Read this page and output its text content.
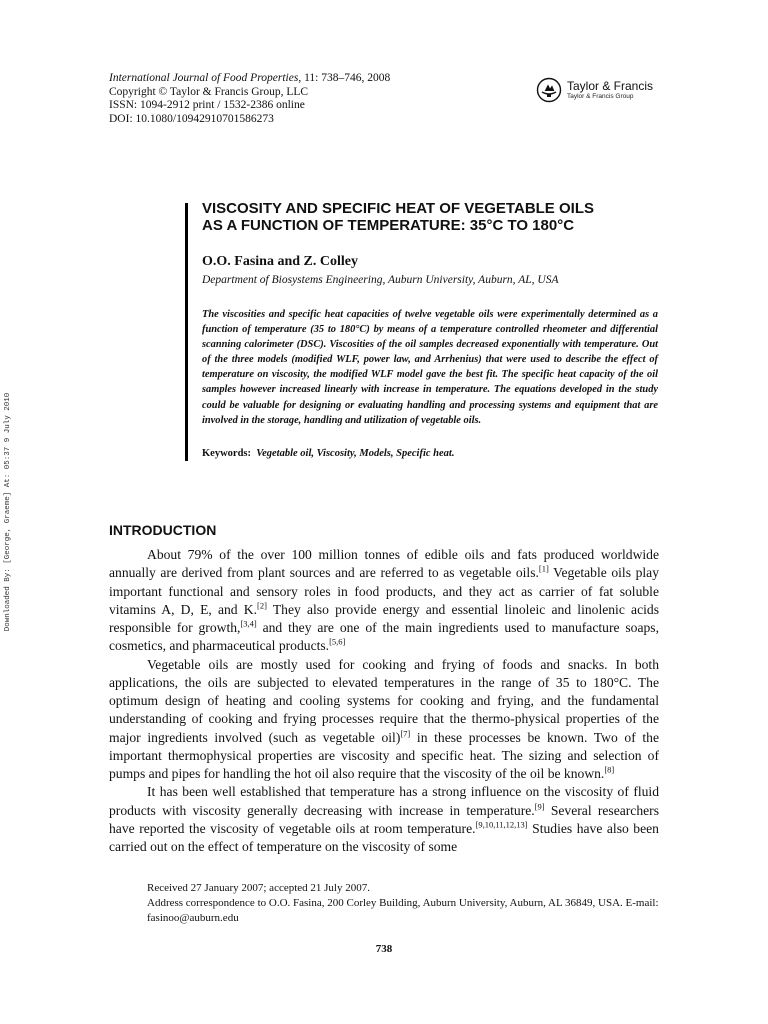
International Journal of Food Properties, 11: 738–746, 2008
Copyright © Taylor & Francis Group, LLC
ISSN: 1094-2912 print / 1532-2386 online
DOI: 10.1080/10942910701586273
Taylor & Francis
Taylor & Francis Group
Downloaded By: [George, Graeme] At: 05:37 9 July 2010
VISCOSITY AND SPECIFIC HEAT OF VEGETABLE OILS
AS A FUNCTION OF TEMPERATURE: 35°C TO 180°C
O.O. Fasina and Z. Colley
Department of Biosystems Engineering, Auburn University, Auburn, AL, USA
The viscosities and specific heat capacities of twelve vegetable oils were experimentally determined as a function of temperature (35 to 180°C) by means of a temperature controlled rheometer and differential scanning calorimeter (DSC). Viscosities of the oil samples decreased exponentially with temperature. Out of the three models (modified WLF, power law, and Arrhenius) that were used to describe the effect of temperature on viscosity, the modified WLF model gave the best fit. The specific heat capacity of the oil samples however increased linearly with increase in temperature. The equations developed in the study could be valuable for designing or evaluating handling and processing systems and equipment that are involved in the storage, handling and utilization of vegetable oils.
Keywords: Vegetable oil, Viscosity, Models, Specific heat.
INTRODUCTION

About 79% of the over 100 million tonnes of edible oils and fats produced worldwide annually are derived from plant sources and are referred to as vegetable oils.[1] Vegetable oils play important functional and sensory roles in food products, and they act as carrier of fat soluble vitamins A, D, E, and K.[2] They also provide energy and essential linoleic and linolenic acids responsible for growth,[3,4] and they are one of the main ingredients used to manufacture soaps, cosmetics, and pharmaceutical products.[5,6]

Vegetable oils are mostly used for cooking and frying of foods and snacks. In both applications, the oils are subjected to elevated temperatures in the range of 35 to 180°C. The optimum design of heating and cooling systems for cooking and frying, and the fundamental understanding of cooking and frying processes require that the thermo-physical properties of the major ingredients involved (such as vegetable oil)[7] in these processes be known. Two of the important thermophysical properties are viscosity and specific heat. The sizing and selection of pumps and pipes for handling the hot oil also require that the viscosity of the oil be known.[8]

It has been well established that temperature has a strong influence on the viscosity of fluid products with viscosity generally decreasing with increase in temperature.[9] Several researchers have reported the viscosity of vegetable oils at room temperature.[9,10,11,12,13] Studies have also been carried out on the effect of temperature on the viscosity of some

Received 27 January 2007; accepted 21 July 2007.
Address correspondence to O.O. Fasina, 200 Corley Building, Auburn University, Auburn, AL 36849, USA. E-mail: fasinoo@auburn.edu
738
